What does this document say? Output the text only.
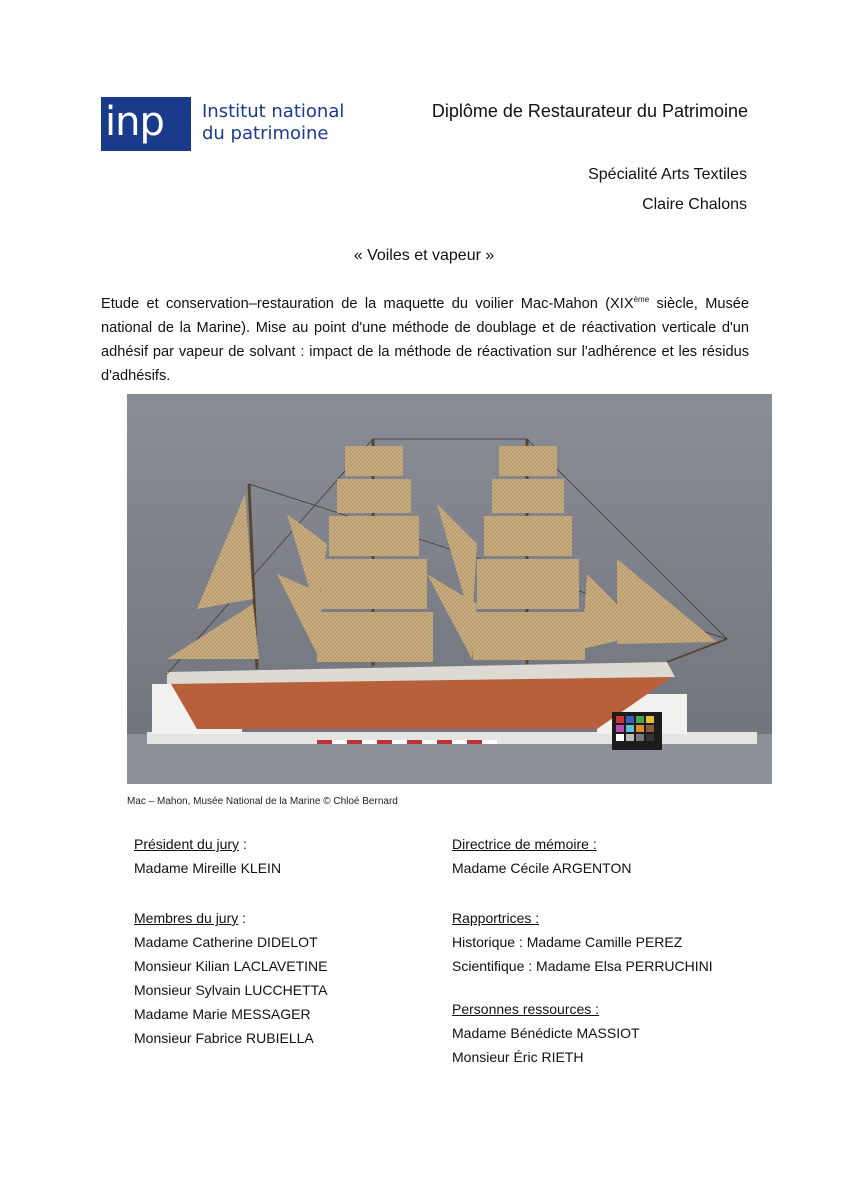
inp	Institut national
du patrimoine
Diplôme de Restaurateur du Patrimoine
Spécialité Arts Textiles
Claire Chalons
« Voiles et vapeur »
Etude et conservation–restauration de la maquette du voilier Mac-Mahon (XIXème siècle, Musée national de la Marine). Mise au point d'une méthode de doublage et de réactivation verticale d'un adhésif par vapeur de solvant : impact de la méthode de réactivation sur l'adhérence et les résidus d'adhésifs.
Mac – Mahon, Musée National de la Marine © Chloé Bernard
Président du jury :
Madame Mireille KLEIN
Membres du jury :
Madame Catherine DIDELOT
Monsieur Kilian LACLAVETINE
Monsieur Sylvain LUCCHETTA
Madame Marie MESSAGER
Monsieur Fabrice RUBIELLA
Directrice de mémoire :
Madame Cécile ARGENTON
Rapportrices :
Historique : Madame Camille PEREZ
Scientifique : Madame Elsa PERRUCHINI
Personnes ressources :
Madame Bénédicte MASSIOT
Monsieur Éric RIETH
